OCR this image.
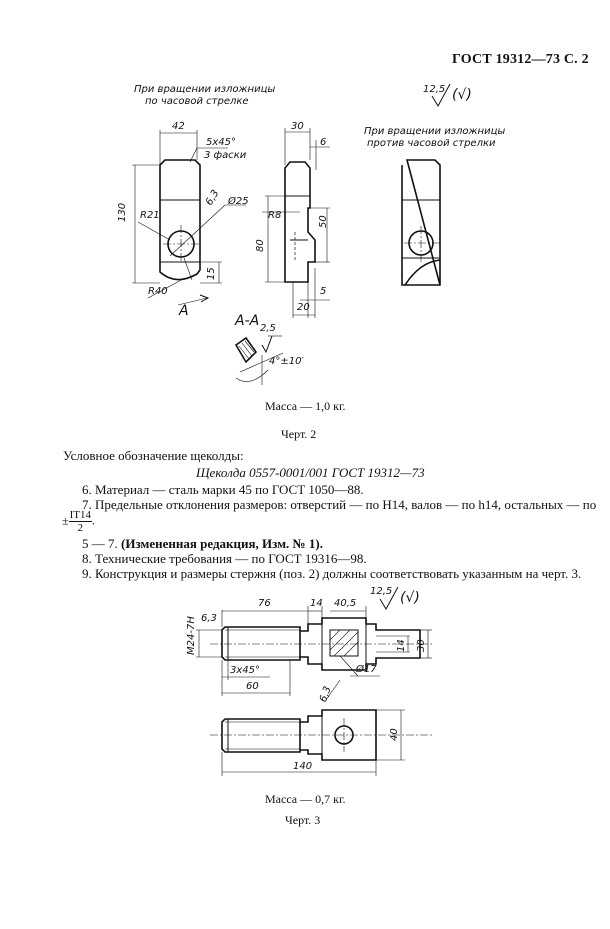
ГОСТ 19312—73 С. 2
При вращении изложницы
по часовой стрелке
12,5 (√)
При вращении изложницы
против часовой стрелки
42
5x45°
3 фаски
130 R21
Ø25
6,3
15
R40
A
30
6
R8	50
80
5
20
A-A 2,5
4°±10′
Масса — 1,0 кг.
Черт. 2
Условное обозначение щеколды:
Щеколда 0557-0001/001 ГОСТ 19312—73
6. Материал — сталь марки 45 по ГОСТ 1050—88.
7. Предельные отклонения размеров: отверстий — по H14, валов — по h14, остальных — по
± $\frac{IT14}{2}$ .
5 — 7. (Измененная редакция, Изм. № 1).
8. Технические требования — по ГОСТ 19316—98.
9. Конструкция и размеры стержня (поз. 2) должны соответствовать указанным на черт. 3.
12,5 (√)
M24-7H 6,3
76	14 40,5
14 30
3x45°
60
Ø17
6,3
40
140
Масса — 0,7 кг.
Черт. 3
